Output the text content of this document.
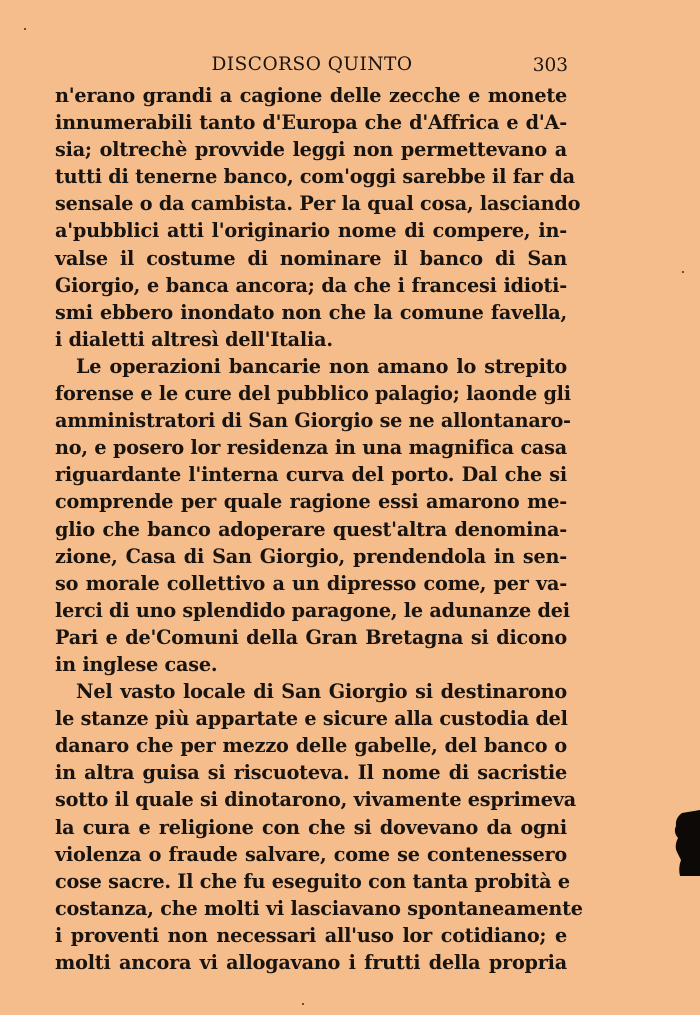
DISCORSO QUINTO	303
n'erano grandi a cagione delle zecche e monete
innumerabili tanto d'Europa che d'Affrica e d'A-
sia; oltrechè provvide leggi non permettevano a
tutti di tenerne banco, com'oggi sarebbe il far da
sensale o da cambista. Per la qual cosa, lasciando
a'pubblici atti l'originario nome di compere, in-
valse il costume di nominare il banco di San
Giorgio, e banca ancora; da che i francesi idioti-
smi ebbero inondato non che la comune favella,
i dialetti altresì dell'Italia.
Le operazioni bancarie non amano lo strepito
forense e le cure del pubblico palagio; laonde gli
amministratori di San Giorgio se ne allontanaro-
no, e posero lor residenza in una magnifica casa
riguardante l'interna curva del porto. Dal che si
comprende per quale ragione essi amarono me-
glio che banco adoperare quest'altra denomina-
zione, Casa di San Giorgio, prendendola in sen-
so morale collettivo a un dipresso come, per va-
lerci di uno splendido paragone, le adunanze dei
Pari e de'Comuni della Gran Bretagna si dicono
in inglese case.
Nel vasto locale di San Giorgio si destinarono
le stanze più appartate e sicure alla custodia del
danaro che per mezzo delle gabelle, del banco o
in altra guisa si riscuoteva. Il nome di sacristie
sotto il quale si dinotarono, vivamente esprimeva
la cura e religione con che si dovevano da ogni
violenza o fraude salvare, come se contenessero
cose sacre. Il che fu eseguito con tanta probità e
costanza, che molti vi lasciavano spontaneamente
i proventi non necessari all'uso lor cotidiano; e
molti ancora vi allogavano i frutti della propria
